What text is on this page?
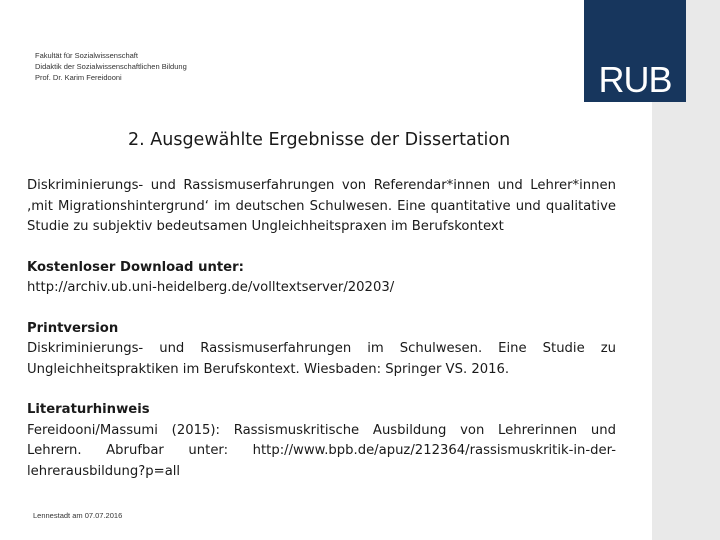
RUB
Fakultät für Sozialwissenschaft
Didaktik der Sozialwissenschaftlichen Bildung
Prof. Dr. Karim Fereidooni
2. Ausgewählte Ergebnisse der Dissertation

Diskriminierungs- und Rassismuserfahrungen von Referendar*innen und Lehrer*innen ‚mit Migrationshintergrund‘ im deutschen Schulwesen. Eine quantitative und qualitative Studie zu subjektiv bedeutsamen Ungleichheitspraxen im Berufskontext

Kostenloser Download unter:

http://archiv.ub.uni-heidelberg.de/volltextserver/20203/

Printversion

Diskriminierungs- und Rassismuserfahrungen im Schulwesen. Eine Studie zu Ungleichheitspraktiken im Berufskontext. Wiesbaden: Springer VS. 2016.

Literaturhinweis

Fereidooni/Massumi (2015): Rassismuskritische Ausbildung von Lehrerinnen und Lehrern. Abrufbar unter: http://www.bpb.de/apuz/212364/rassismuskritik-in-der-lehrerausbildung?p=all

Lennestadt am 07.07.2016
